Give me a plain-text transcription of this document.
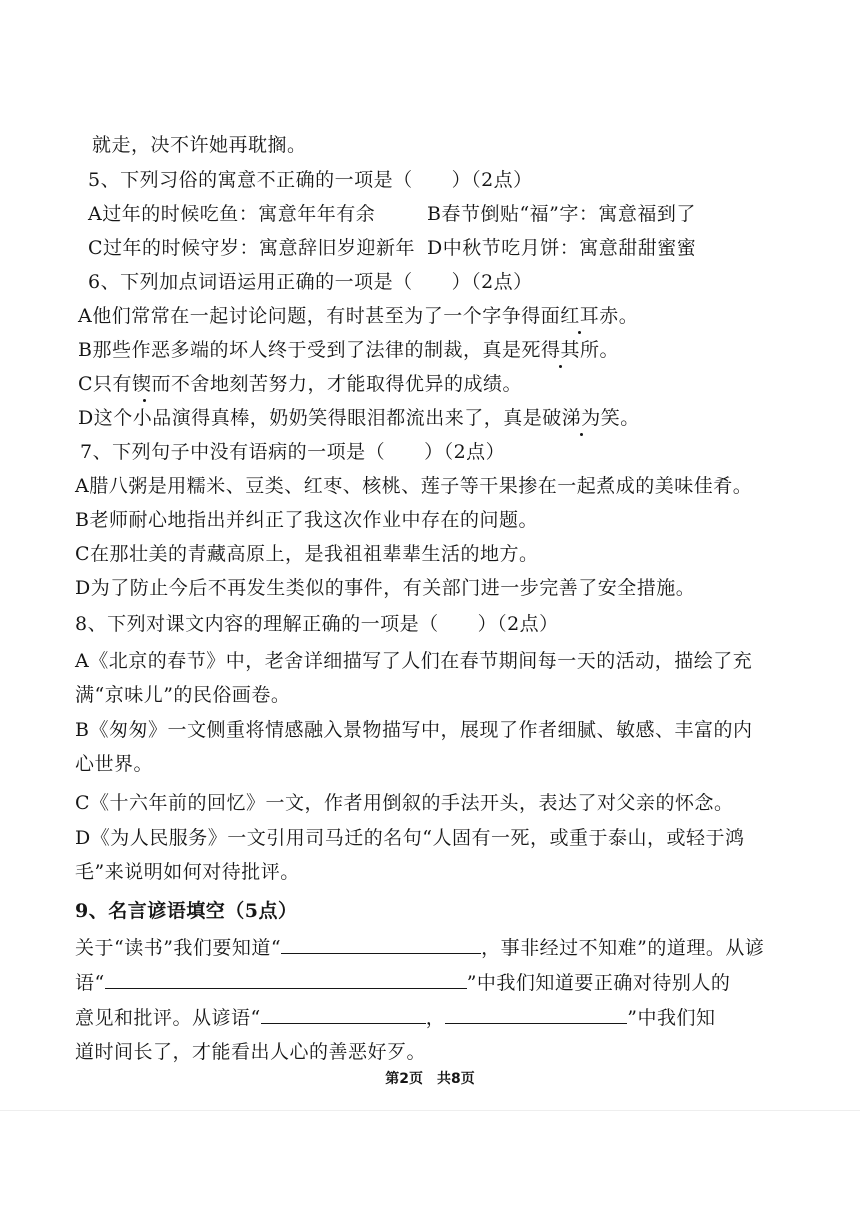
就走，决不许她再耽搁。
5、下列习俗的寓意不正确的一项是（　　）（2点）
A过年的时候吃鱼：寓意年年有余	B春节倒贴“福”字：寓意福到了
C过年的时候守岁：寓意辞旧岁迎新年 D中秋节吃月饼：寓意甜甜蜜蜜
6、下列加点词语运用正确的一项是（　　）（2点）
A他们常常在一起讨论问题，有时甚至为了一个字争得面红耳赤。
B那些作恶多端的坏人终于受到了法律的制裁，真是死得其所。
C只有锲而不舍地刻苦努力，才能取得优异的成绩。
D这个小品演得真棒，奶奶笑得眼泪都流出来了，真是破涕为笑。
7、下列句子中没有语病的一项是（　　）（2点）
A腊八粥是用糯米、豆类、红枣、核桃、莲子等干果掺在一起煮成的美味佳肴。
B老师耐心地指出并纠正了我这次作业中存在的问题。
C在那壮美的青藏高原上，是我祖祖辈辈生活的地方。
D为了防止今后不再发生类似的事件，有关部门进一步完善了安全措施。
8、下列对课文内容的理解正确的一项是（　　）（2点）
A《北京的春节》中，老舍详细描写了人们在春节期间每一天的活动，描绘了充
满“京味儿”的民俗画卷。
B《匆匆》一文侧重将情感融入景物描写中，展现了作者细腻、敏感、丰富的内
心世界。
C《十六年前的回忆》一文，作者用倒叙的手法开头，表达了对父亲的怀念。
D《为人民服务》一文引用司马迁的名句“人固有一死，或重于泰山，或轻于鸿
毛”来说明如何对待批评。
9、名言谚语填空（5点）
关于“读书”我们要知道“	，事非经过不知难”的道理。从谚
语“	”中我们知道要正确对待别人的
意见和批评。从谚语“	，	”中我们知
道时间长了，才能看出人心的善恶好歹。
第2页　共8页
